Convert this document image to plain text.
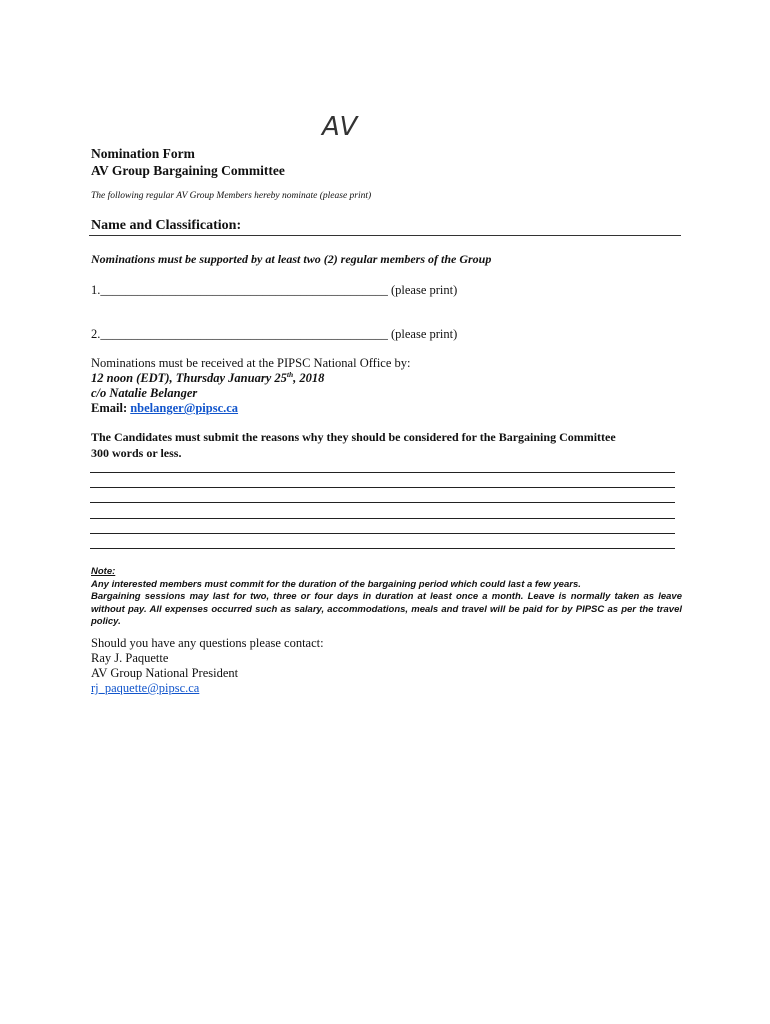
AV
Nomination Form
AV Group Bargaining Committee
The following regular AV Group Members hereby nominate (please print)
Name and Classification:
Nominations must be supported by at least two (2) regular members of the Group
1.______________________________________________ (please print)
2.______________________________________________ (please print)
Nominations must be received at the PIPSC National Office by:
12 noon (EDT), Thursday January 25th, 2018
c/o Natalie Belanger
Email: nbelanger@pipsc.ca
The Candidates must submit the reasons why they should be considered for the Bargaining Committee
300 words or less.
Note:
Any interested members must commit for the duration of the bargaining period which could last a few years.
Bargaining sessions may last for two, three or four days in duration at least once a month. Leave is normally taken as leave without pay. All expenses occurred such as salary, accommodations, meals and travel will be paid for by PIPSC as per the travel policy.
Should you have any questions please contact:
Ray J. Paquette
AV Group National President
rj_paquette@pipsc.ca
